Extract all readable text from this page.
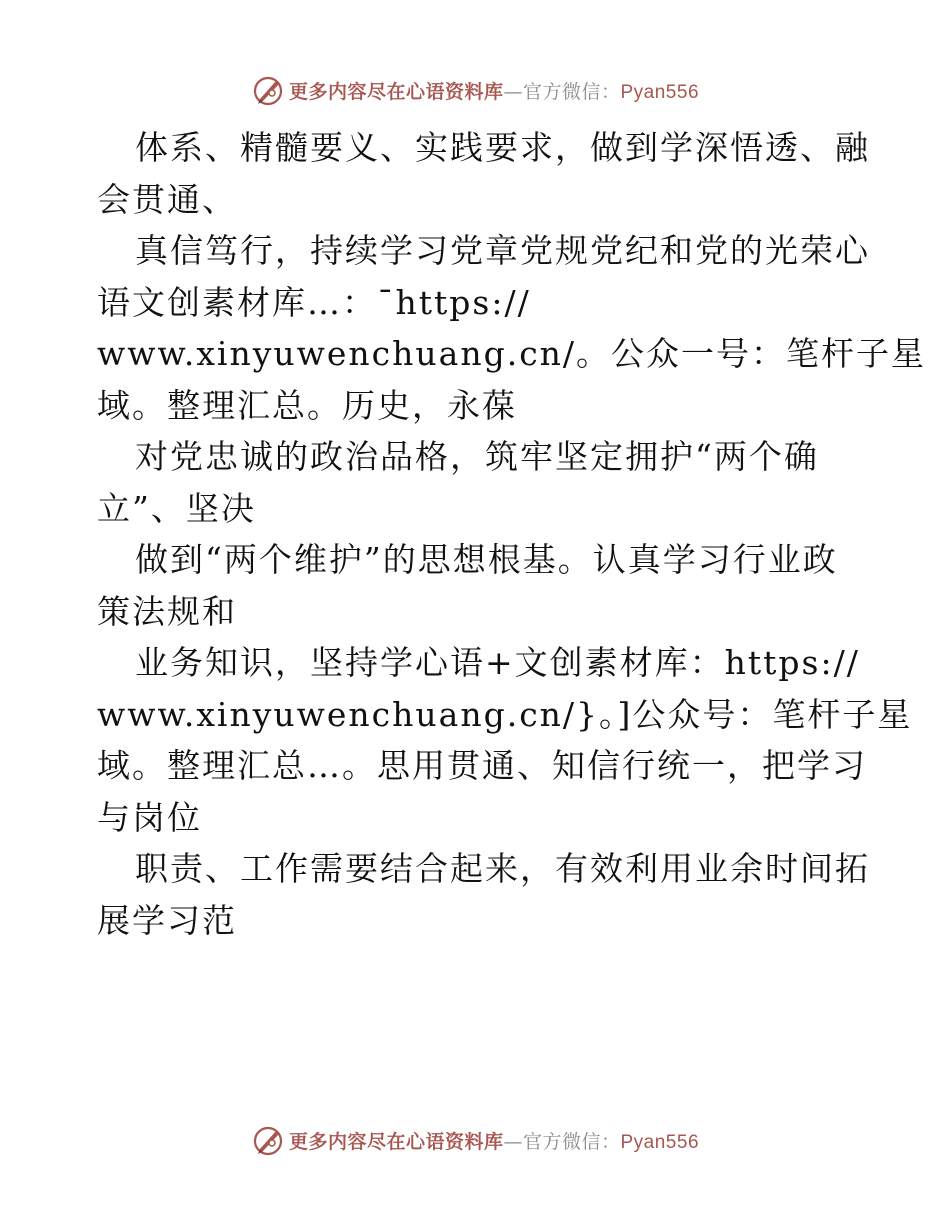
更多内容尽在心语资料库—官方微信：Pyan556
体系、精髓要义、实践要求，做到学深悟透、融
会贯通、
真信笃行，持续学习党章党规党纪和党的光荣心
语文创素材库…：¯https://
www.xinyuwenchuang.cn/。公众一号：笔杆子星
域。整理汇总。历史，永葆
对党忠诚的政治品格，筑牢坚定拥护“两个确
立”、坚决
做到“两个维护”的思想根基。认真学习行业政
策法规和
业务知识，坚持学心语+文创素材库：https://
www.xinyuwenchuang.cn/}。]公众号：笔杆子星
域。整理汇总…。思用贯通、知信行统一，把学习
与岗位
职责、工作需要结合起来，有效利用业余时间拓
展学习范
更多内容尽在心语资料库—官方微信：Pyan556
